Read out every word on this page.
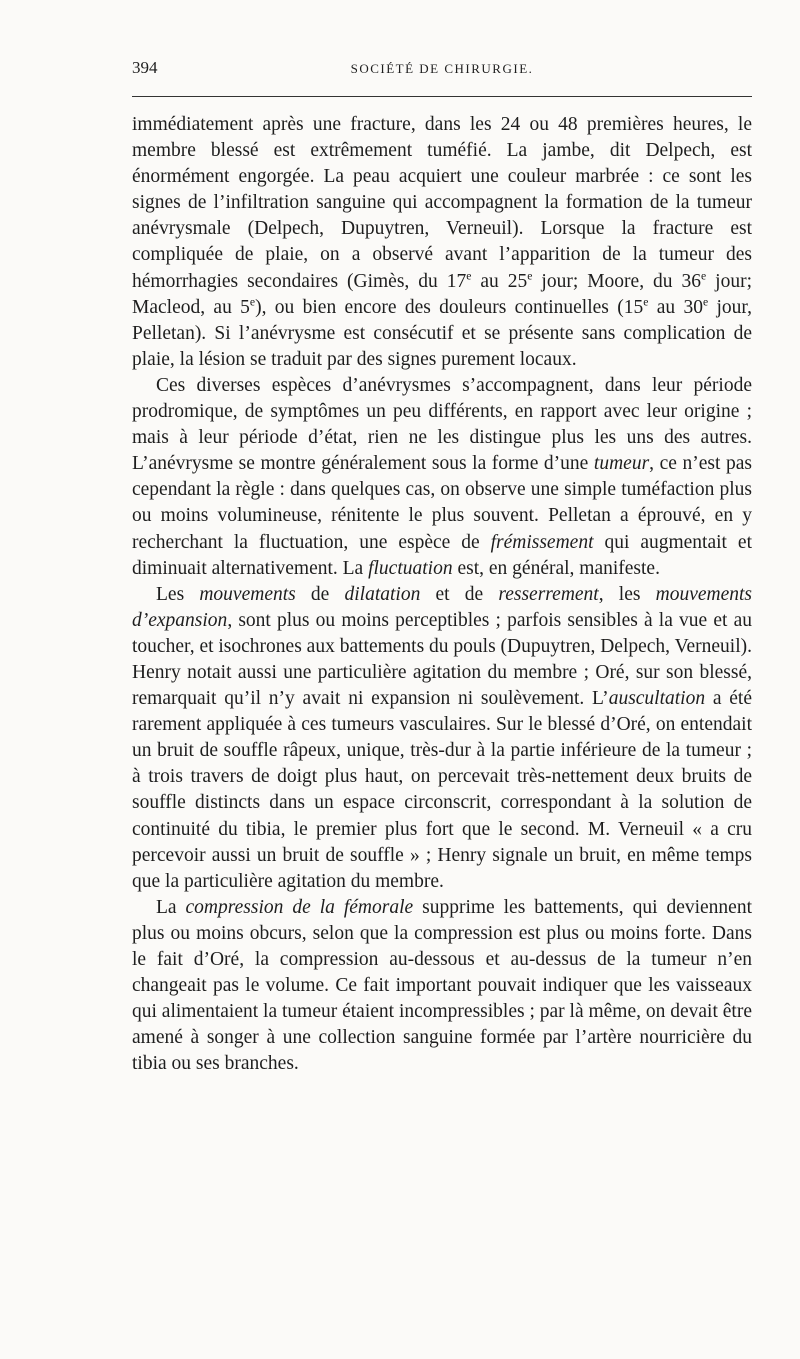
394	SOCIÉTÉ DE CHIRURGIE.

immédiatement après une fracture, dans les 24 ou 48 premières heures, le membre blessé est extrêmement tuméfié. La jambe, dit Delpech, est énormément engorgée. La peau acquiert une couleur marbrée : ce sont les signes de l’infiltration sanguine qui accompagnent la formation de la tumeur anévrysmale (Delpech, Dupuytren, Verneuil). Lorsque la fracture est compliquée de plaie, on a observé avant l’apparition de la tumeur des hémorrhagies secondaires (Gimès, du 17e au 25e jour; Moore, du 36e jour; Macleod, au 5e), ou bien encore des douleurs continuelles (15e au 30e jour, Pelletan). Si l’anévrysme est consécutif et se présente sans complication de plaie, la lésion se traduit par des signes purement locaux.

Ces diverses espèces d’anévrysmes s’accompagnent, dans leur période prodromique, de symptômes un peu différents, en rapport avec leur origine ; mais à leur période d’état, rien ne les distingue plus les uns des autres. L’anévrysme se montre généralement sous la forme d’une tumeur, ce n’est pas cependant la règle : dans quelques cas, on observe une simple tuméfaction plus ou moins volumineuse, rénitente le plus souvent. Pelletan a éprouvé, en y recherchant la fluctuation, une espèce de frémissement qui augmentait et diminuait alternativement. La fluctuation est, en général, manifeste.

Les mouvements de dilatation et de resserrement, les mouvements d’expansion, sont plus ou moins perceptibles ; parfois sensibles à la vue et au toucher, et isochrones aux battements du pouls (Dupuytren, Delpech, Verneuil). Henry notait aussi une particulière agitation du membre ; Oré, sur son blessé, remarquait qu’il n’y avait ni expansion ni soulèvement. L’auscultation a été rarement appliquée à ces tumeurs vasculaires. Sur le blessé d’Oré, on entendait un bruit de souffle râpeux, unique, très-dur à la partie inférieure de la tumeur ; à trois travers de doigt plus haut, on percevait très-nettement deux bruits de souffle distincts dans un espace circonscrit, correspondant à la solution de continuité du tibia, le premier plus fort que le second. M. Verneuil « a cru percevoir aussi un bruit de souffle » ; Henry signale un bruit, en même temps que la particulière agitation du membre.

La compression de la fémorale supprime les battements, qui deviennent plus ou moins obcurs, selon que la compression est plus ou moins forte. Dans le fait d’Oré, la compression au-dessous et au-dessus de la tumeur n’en changeait pas le volume. Ce fait important pouvait indiquer que les vaisseaux qui alimentaient la tumeur étaient incompressibles ; par là même, on devait être amené à songer à une collection sanguine formée par l’artère nourricière du tibia ou ses branches.
